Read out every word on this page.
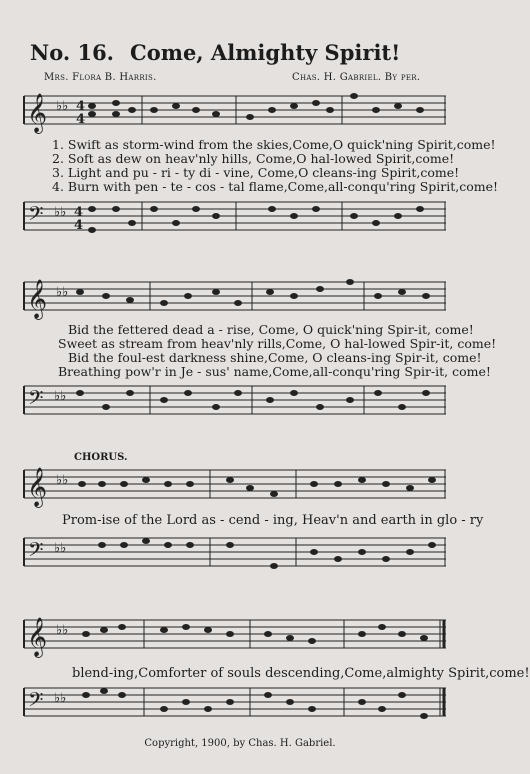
No. 16. Come, Almighty Spirit!
Mrs. Flora B. Harris.	Chas. H. Gabriel. By per.
𝄞 ♭♭ 4
4
1. Swift as storm-wind from the skies,Come,O quick'ning Spirit,come!
2. Soft as dew on heav'nly hills, Come,O hal-lowed Spirit,come!
3. Light and pu - ri - ty di - vine, Come,O cleans-ing Spirit,come!
4. Burn with pen - te - cos - tal flame,Come,all-conqu'ring Spirit,come!
𝄢 ♭♭ 4
4
𝄞 ♭♭
Bid the fettered dead a - rise, Come, O quick'ning Spir-it, come!
Sweet as stream from heav'nly rills,Come, O hal-lowed Spir-it, come!
Bid the foul-est darkness shine,Come, O cleans-ing Spir-it, come!
Breathing pow'r in Je - sus' name,Come,all-conqu'ring Spir-it, come!
𝄢 ♭♭
CHORUS.
𝄞 ♭♭
Prom-ise of the Lord as - cend - ing, Heav'n and earth in glo - ry
𝄢 ♭♭
𝄞 ♭♭
blend-ing,Comforter of souls descending,Come,almighty Spirit,come!
𝄢 ♭♭
Copyright, 1900, by Chas. H. Gabriel.
